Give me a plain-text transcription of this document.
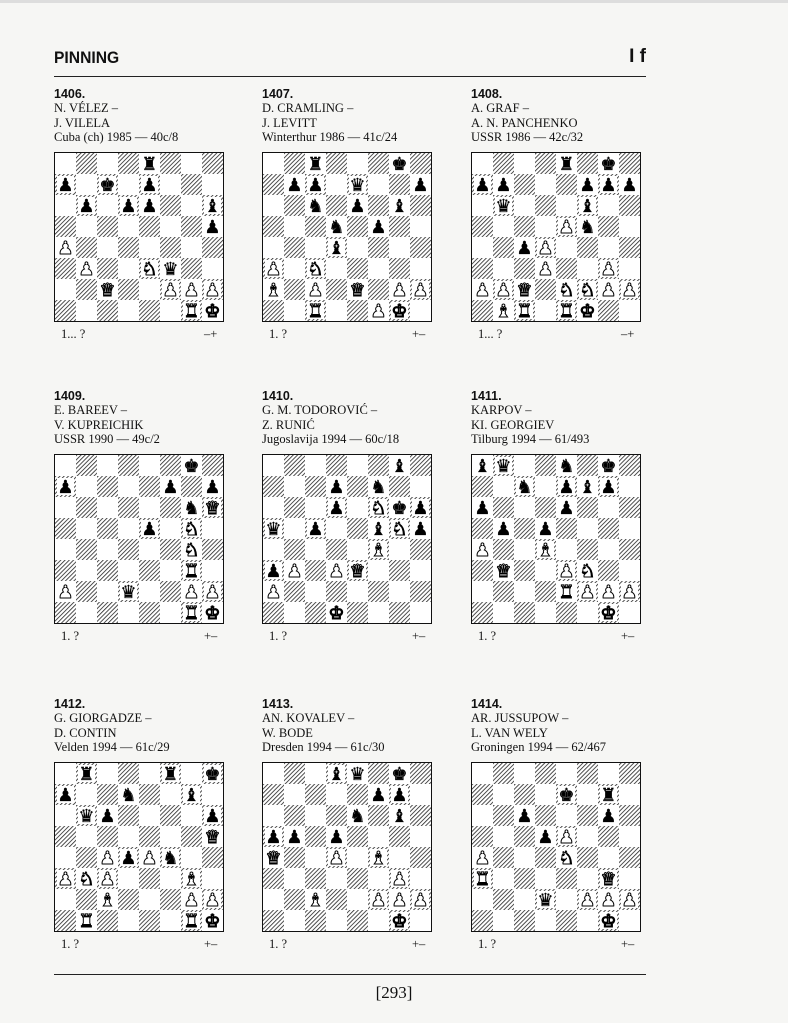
PINNING	I f
1406.
N. VÉLEZ –
J. VILELA
Cuba (ch) 1985 — 40c/8
♜
♟ ♚ ♟
♟ ♟ ♟	♝
♟
♟
♟	♞ ♛
♛	♟ ♟ ♟
♜ ♚
1... ?	–+
1407.
D. CRAMLING –
J. LEVITT
Winterthur 1986 — 41c/24
♜	♚
♟ ♟ ♛	♟
♞ ♟ ♝
♞ ♟
♝
♟ ♞
♝ ♟ ♛ ♟ ♟
♜	♟ ♚
1. ?	+–
1408.
A. GRAF –
A. N. PANCHENKO
USSR 1986 — 42c/32
♜ ♚
♟ ♟	♟ ♟ ♟
♛	♝
♟ ♞
♟ ♟
♟	♟
♟ ♟ ♛ ♞ ♞ ♟ ♟
♝ ♜ ♜ ♚
1... ?	–+
1409.
E. BAREEV –
V. KUPREICHIK
USSR 1990 — 49c/2
♚
♟	♟ ♟
♞ ♛
♟ ♞
♞
♜
♟	♛	♟ ♟
♜ ♚
1. ?	+–
1410.
G. M. TODOROVIĆ –
Z. RUNIĆ
Jugoslavija 1994 — 60c/18
♝
♟ ♞
♟ ♞ ♚ ♟
♛ ♟	♝ ♞ ♟
♝
♟ ♟ ♟ ♛
♟
♚
1. ?	+–
1411.
KARPOV –
KI. GEORGIEV
Tilburg 1994 — 61/493
♝ ♛	♞ ♚
♞ ♟ ♝ ♟
♟	♟
♟ ♟
♟	♝
♛	♟ ♞
♜ ♟ ♟ ♟
♚
1. ?	+–
1412.
G. GIORGADZE –
D. CONTIN
Velden 1994 — 61c/29
♜	♜ ♚
♟	♞	♝
♛ ♟	♟
♛
♟ ♟ ♟ ♞
♟ ♞ ♟	♝
♝	♟ ♟
♜	♜ ♚
1. ?	+–
1413.
AN. KOVALEV –
W. BODE
Dresden 1994 — 61c/30
♝ ♛ ♚
♟ ♟
♞ ♝
♟ ♟ ♟
♛	♟ ♝
♟
♝	♟ ♟ ♟
♚
1. ?	+–
1414.
AR. JUSSUPOW –
L. VAN WELY
Groningen 1994 — 62/467
♚ ♜
♟	♟
♟ ♟
♟	♞
♜	♛
♛ ♟ ♟ ♟
♚
1. ?	+–
[293]
